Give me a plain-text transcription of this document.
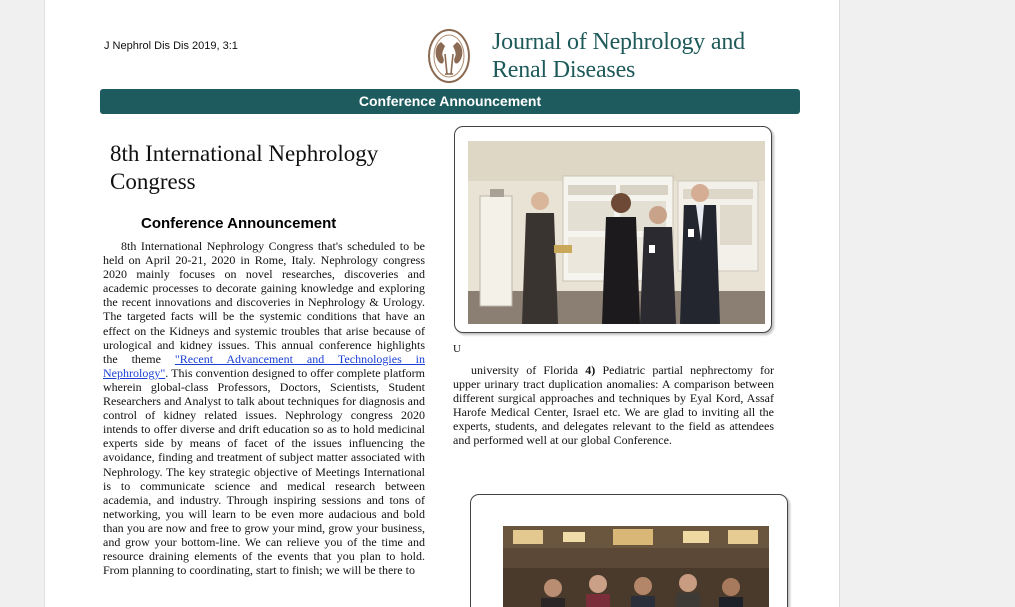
J Nephrol Dis Dis 2019, 3:1	Journal of Nephrology and
Renal Diseases
Conference Announcement
8th International Nephrology Congress
Conference Announcement
8th International Nephrology Congress that's scheduled to be held on April 20-21, 2020 in Rome, Italy. Nephrology congress 2020 mainly focuses on novel researches, discoveries and academic processes to decorate gaining knowledge and exploring the recent innovations and discoveries in Nephrology & Urology. The targeted facts will be the systemic conditions that have an effect on the Kidneys and systemic troubles that arise because of urological and kidney issues. This annual conference highlights the theme "Recent Advancement and Technologies in Nephrology". This convention designed to offer complete platform wherein global-class Professors, Doctors, Scientists, Student Researchers and Analyst to talk about techniques for diagnosis and control of kidney related issues. Nephrology congress 2020 intends to offer diverse and drift education so as to hold medicinal experts side by means of facet of the issues influencing the avoidance, finding and treatment of subject matter associated with Nephrology. The key strategic objective of Meetings International is to communicate science and medical research between academia, and industry. Through inspiring sessions and tons of networking, you will learn to be even more audacious and bold than you are now and free to grow your mind, grow your business, and grow your bottom-line. We can relieve you of the time and resource draining elements of the events that you plan to hold. From planning to coordinating, start to finish; we will be there to
U
university of Florida 4) Pediatric partial nephrectomy for upper urinary tract duplication anomalies: A comparison between different surgical approaches and techniques by Eyal Kord, Assaf Harofe Medical Center, Israel etc. We are glad to inviting all the experts, students, and delegates relevant to the field as attendees and performed well at our global Conference.
